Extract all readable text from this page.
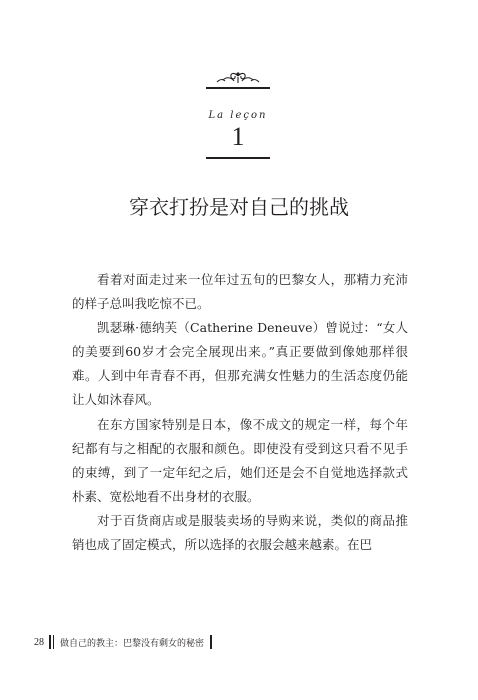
La leçon
1
穿衣打扮是对自己的挑战

看着对面走过来一位年过五旬的巴黎女人，那精力充沛的样子总叫我吃惊不已。

凯瑟琳·德纳芙（Catherine Deneuve）曾说过：“女人的美要到60岁才会完全展现出来。”真正要做到像她那样很难。人到中年青春不再，但那充满女性魅力的生活态度仍能让人如沐春风。

在东方国家特别是日本，像不成文的规定一样，每个年纪都有与之相配的衣服和颜色。即使没有受到这只看不见手的束缚，到了一定年纪之后，她们还是会不自觉地选择款式朴素、宽松地看不出身材的衣服。

对于百货商店或是服装卖场的导购来说，类似的商品推销也成了固定模式，所以选择的衣服会越来越素。在巴

28 做自己的教主：巴黎没有剩女的秘密
